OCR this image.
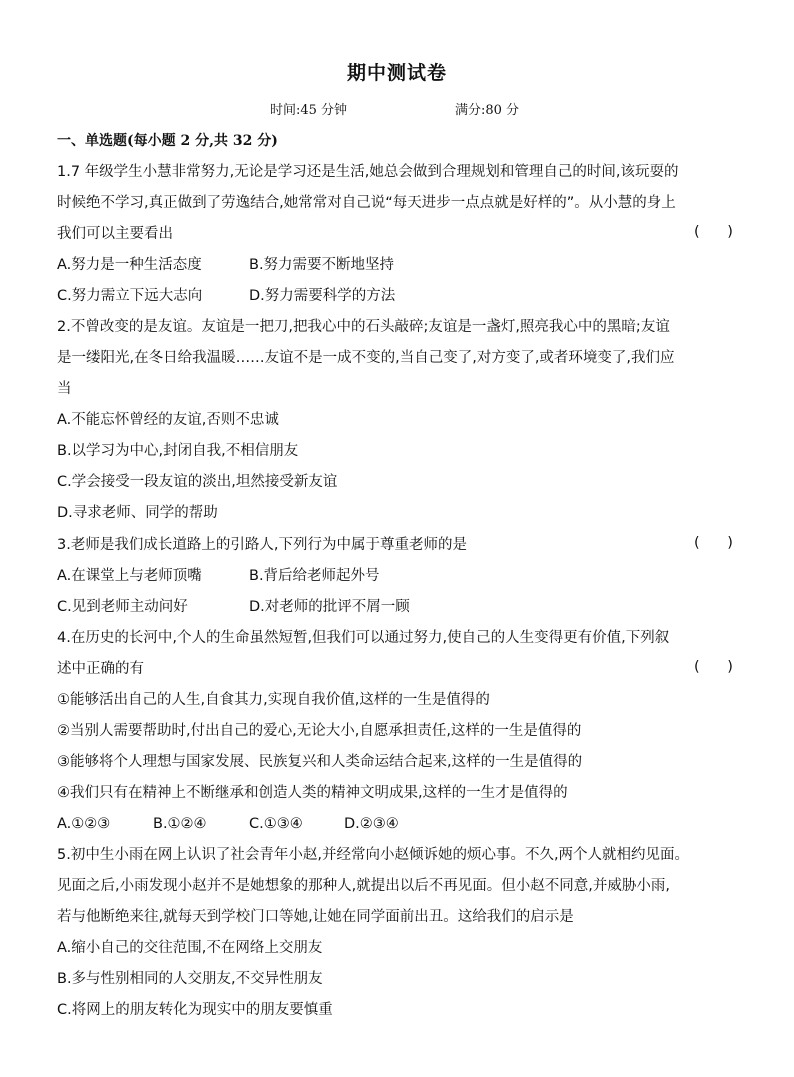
期中测试卷
时间:45 分钟	满分:80 分
一、单选题(每小题 2 分,共 32 分)
1.7 年级学生小慧非常努力,无论是学习还是生活,她总会做到合理规划和管理自己的时间,该玩耍的
时候绝不学习,真正做到了劳逸结合,她常常对自己说“每天进步一点点就是好样的”。从小慧的身上
我们可以主要看出	(      )
A.努力是一种生活态度	B.努力需要不断地坚持
C.努力需立下远大志向	D.努力需要科学的方法
2.不曾改变的是友谊。友谊是一把刀,把我心中的石头敲碎;友谊是一盏灯,照亮我心中的黑暗;友谊
是一缕阳光,在冬日给我温暖……友谊不是一成不变的,当自己变了,对方变了,或者环境变了,我们应
当
A.不能忘怀曾经的友谊,否则不忠诚
B.以学习为中心,封闭自我,不相信朋友
C.学会接受一段友谊的淡出,坦然接受新友谊
D.寻求老师、同学的帮助
3.老师是我们成长道路上的引路人,下列行为中属于尊重老师的是	(      )
A.在课堂上与老师顶嘴	B.背后给老师起外号
C.见到老师主动问好	D.对老师的批评不屑一顾
4.在历史的长河中,个人的生命虽然短暂,但我们可以通过努力,使自己的人生变得更有价值,下列叙
述中正确的有	(      )
①能够活出自己的人生,自食其力,实现自我价值,这样的一生是值得的
②当别人需要帮助时,付出自己的爱心,无论大小,自愿承担责任,这样的一生是值得的
③能够将个人理想与国家发展、民族复兴和人类命运结合起来,这样的一生是值得的
④我们只有在精神上不断继承和创造人类的精神文明成果,这样的一生才是值得的
A.①②③	B.①②④	C.①③④	D.②③④
5.初中生小雨在网上认识了社会青年小赵,并经常向小赵倾诉她的烦心事。不久,两个人就相约见面。
见面之后,小雨发现小赵并不是她想象的那种人,就提出以后不再见面。但小赵不同意,并威胁小雨,
若与他断绝来往,就每天到学校门口等她,让她在同学面前出丑。这给我们的启示是
A.缩小自己的交往范围,不在网络上交朋友
B.多与性别相同的人交朋友,不交异性朋友
C.将网上的朋友转化为现实中的朋友要慎重
